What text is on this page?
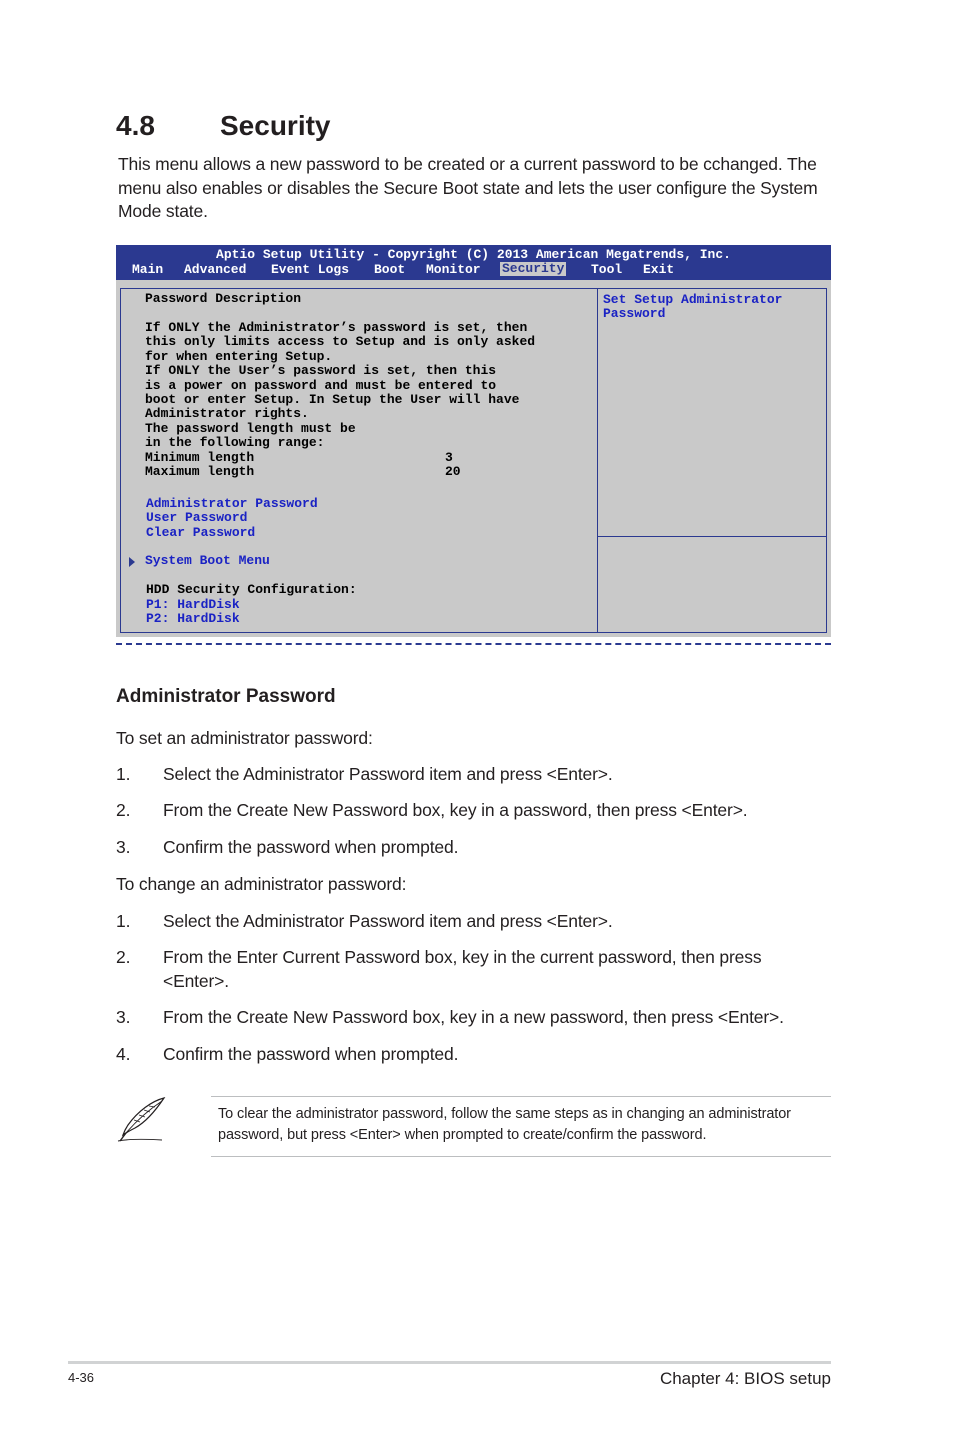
4.8 Security
This menu allows a new password to be created or a current password to be cchanged. The menu also enables or disables the Secure Boot state and lets the user configure the System Mode state.
Aptio Setup Utility - Copyright (C) 2013 American Megatrends, Inc.
Main Advanced Event Logs Boot Monitor Security Tool Exit
Password Description
If ONLY the Administrator’s password is set, then
this only limits access to Setup and is only asked
for when entering Setup.
If ONLY the User’s password is set, then this
is a power on password and must be entered to
boot or enter Setup. In Setup the User will have
Administrator rights.
The password length must be
in the following range:
Minimum length	3
Maximum length	20
Administrator Password
User Password
Clear Password
System Boot Menu
HDD Security Configuration:
P1: HardDisk
P2: HardDisk
Set Setup Administrator
Password
Administrator Password
To set an administrator password:
1. Select the Administrator Password item and press <Enter>.
2. From the Create New Password box, key in a password, then press <Enter>.
3. Confirm the password when prompted.
To change an administrator password:
1. Select the Administrator Password item and press <Enter>.
2. From the Enter Current Password box, key in the current password, then press
<Enter>.
3. From the Create New Password box, key in a new password, then press <Enter>.
4. Confirm the password when prompted.
To clear the administrator password, follow the same steps as in changing an administrator
password, but press <Enter> when prompted to create/confirm the password.
4-36	Chapter 4: BIOS setup
